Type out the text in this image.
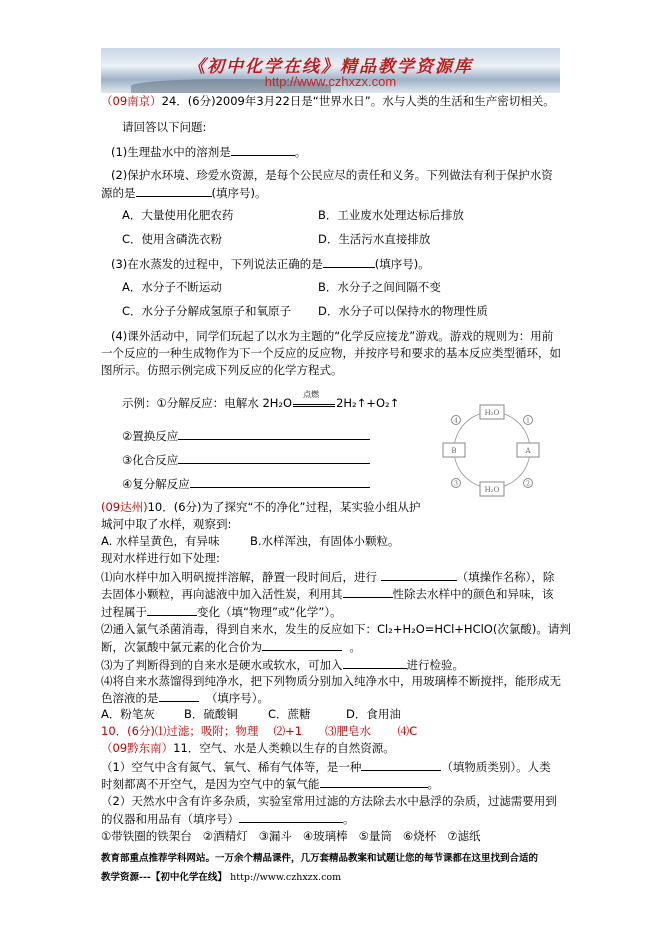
《初中化学在线》精品教学资源库
http://www.czhxzx.com
（09南京）24．(6分)2009年3月22日是“世界水日”。水与人类的生活和生产密切相关。
请回答以下问题:
(1)生理盐水中的溶剂是	。
(2)保护水环境、珍爱水资源，是每个公民应尽的责任和义务。下列做法有利于保护水资
源的是	(填序号)。
A．大量使用化肥农药	B．工业废水处理达标后排放
C．使用含磷洗衣粉	D．生活污水直接排放
(3)在水蒸发的过程中，下列说法正确的是	(填序号)。
A．水分子不断运动	B．水分子之间间隔不变
C．水分子分解成氢原子和氧原子 D．水分子可以保持水的物理性质
(4)课外活动中，同学们玩起了以水为主题的“化学反应接龙”游戏。游戏的规则为：用前
一个反应的一种生成物作为下一个反应的反应物，并按序号和要求的基本反应类型循环，如
图所示。仿照示例完成下列反应的化学方程式。
示例：①分解反应：电解水 2H₂O
点燃
2H₂↑+O₂↑
②置换反应
③化合反应
④复分解反应
H₂O
A
H₂O
B
1
2
3
4
(09达州)10．(6分)为了探究“不的净化”过程，某实验小组从护
城河中取了水样，观察到:
A. 水样呈黄色，有异味	B.水样浑浊，有固体小颗粒。
现对水样进行如下处理:
⑴向水样中加入明矾搅拌溶解，静置一段时间后，进行	（填操作名称），除
去固体小颗粒，再向滤液中加入活性炭，利用其	性除去水样中的颜色和异味，该
过程属于	变化（填“物理”或“化学”）。
⑵通入氯气杀菌消毒，得到自来水，发生的反应如下：Cl₂+H₂O=HCl+HClO(次氯酸)。请判
断，次氯酸中氯元素的化合价为	。
⑶为了判断得到的自来水是硬水或软水，可加入	进行检验。
⑷将自来水蒸馏得到纯净水，把下列物质分别加入纯净水中，用玻璃棒不断搅拌，能形成无
色溶液的是	（填序号）。
A．粉笔灰	B．硫酸铜	C．蔗糖	D．食用油
10．(6分)⑴过滤；吸附；物理　 ⑵+1　　⑶肥皂水　　 ⑷C
（09黔东南）11．空气、水是人类赖以生存的自然资源。
（1）空气中含有氮气、氧气、稀有气体等，是一种	（填物质类别）。人类
时刻都离不开空气，是因为空气中的氧气能	。
（2）天然水中含有许多杂质，实验室常用过滤的方法除去水中悬浮的杂质，过滤需要用到
的仪器和用品有（填序号）	。
①带铁圈的铁架台 ②酒精灯 ③漏斗 ④玻璃棒 ⑤量筒 ⑥烧杯 ⑦滤纸
教育部重点推荐学科网站。一万余个精品课件，几万套精品教案和试题让您的每节课都在这里找到合适的
教学资源---【初中化学在线】 http://www.czhxzx.com
